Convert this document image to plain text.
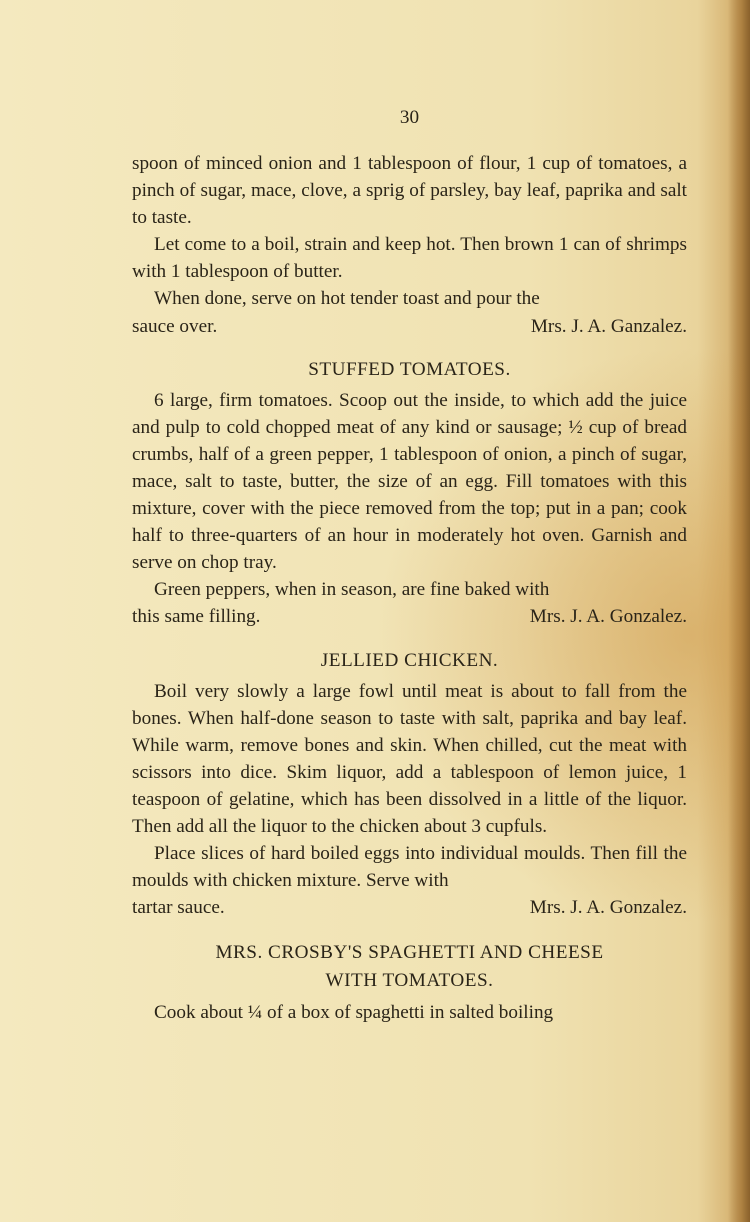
30

spoon of minced onion and 1 tablespoon of flour, 1 cup of tomatoes, a pinch of sugar, mace, clove, a sprig of parsley, bay leaf, paprika and salt to taste.

Let come to a boil, strain and keep hot. Then brown 1 can of shrimps with 1 tablespoon of butter.

When done, serve on hot tender toast and pour the

sauce over.	Mrs. J. A. Ganzalez.
STUFFED TOMATOES.

6 large, firm tomatoes. Scoop out the inside, to which add the juice and pulp to cold chopped meat of any kind or sausage; ½ cup of bread crumbs, half of a green pepper, 1 tablespoon of onion, a pinch of sugar, mace, salt to taste, butter, the size of an egg. Fill tomatoes with this mixture, cover with the piece removed from the top; put in a pan; cook half to three-quarters of an hour in moderately hot oven. Garnish and serve on chop tray.

Green peppers, when in season, are fine baked with

this same filling.	Mrs. J. A. Gonzalez.
JELLIED CHICKEN.

Boil very slowly a large fowl until meat is about to fall from the bones. When half-done season to taste with salt, paprika and bay leaf. While warm, remove bones and skin. When chilled, cut the meat with scissors into dice. Skim liquor, add a tablespoon of lemon juice, 1 teaspoon of gelatine, which has been dissolved in a little of the liquor. Then add all the liquor to the chicken about 3 cupfuls.

Place slices of hard boiled eggs into individual moulds. Then fill the moulds with chicken mixture. Serve with

tartar sauce.	Mrs. J. A. Gonzalez.
MRS. CROSBY'S SPAGHETTI AND CHEESE
WITH TOMATOES.

Cook about ¼ of a box of spaghetti in salted boiling
